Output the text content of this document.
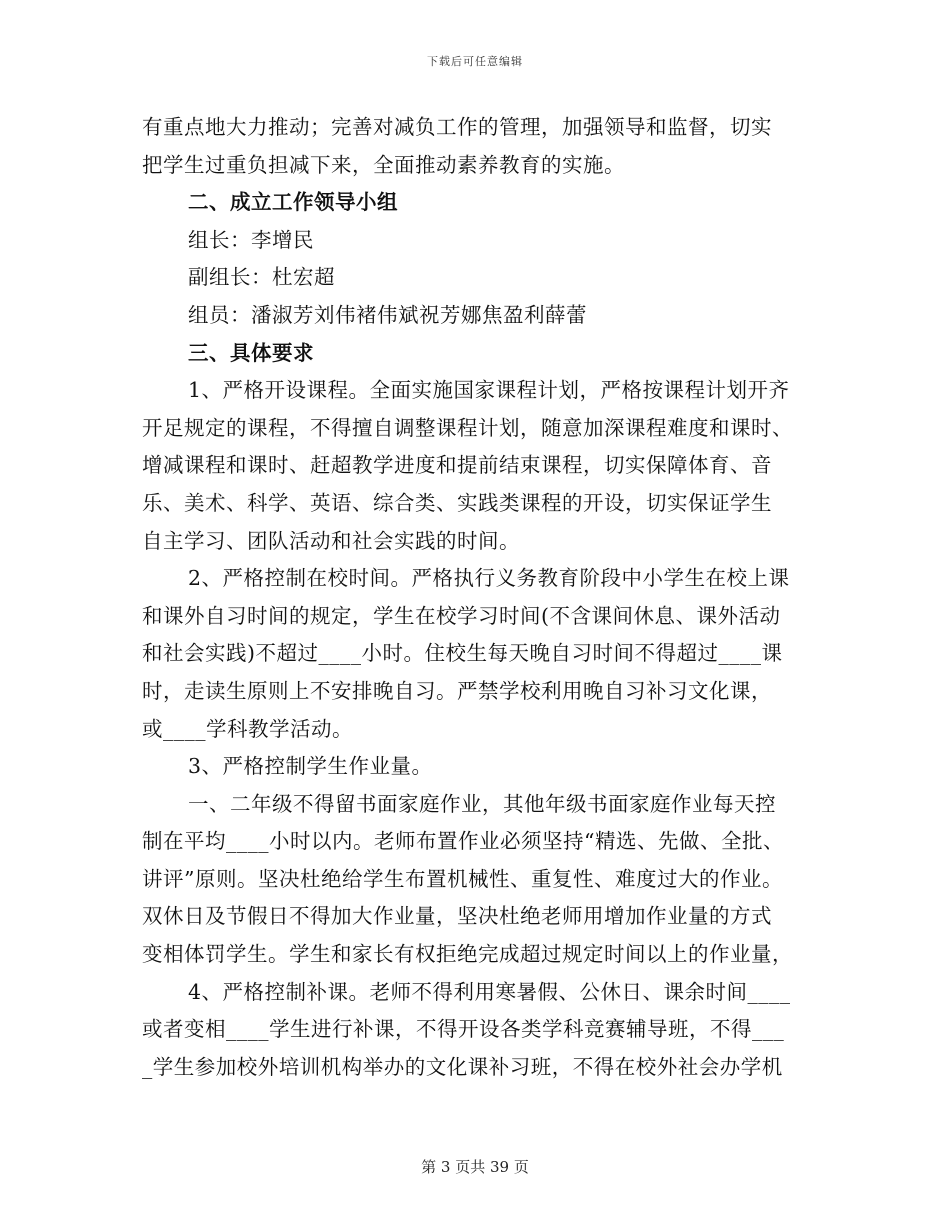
下载后可任意编辑
有重点地大力推动；完善对减负工作的管理，加强领导和监督，切实
把学生过重负担减下来，全面推动素养教育的实施。
二、成立工作领导小组
组长：李增民
副组长：杜宏超
组员：潘淑芳刘伟褚伟斌祝芳娜焦盈利薛蕾
三、具体要求
1、严格开设课程。全面实施国家课程计划，严格按课程计划开齐
开足规定的课程，不得擅自调整课程计划，随意加深课程难度和课时、
增减课程和课时、赶超教学进度和提前结束课程，切实保障体育、音
乐、美术、科学、英语、综合类、实践类课程的开设，切实保证学生
自主学习、团队活动和社会实践的时间。
2、严格控制在校时间。严格执行义务教育阶段中小学生在校上课
和课外自习时间的规定，学生在校学习时间(不含课间休息、课外活动
和社会实践)不超过____小时。住校生每天晚自习时间不得超过____课
时，走读生原则上不安排晚自习。严禁学校利用晚自习补习文化课，
或____学科教学活动。
3、严格控制学生作业量。
一、二年级不得留书面家庭作业，其他年级书面家庭作业每天控
制在平均____小时以内。老师布置作业必须坚持“精选、先做、全批、
讲评”原则。坚决杜绝给学生布置机械性、重复性、难度过大的作业。
双休日及节假日不得加大作业量，坚决杜绝老师用增加作业量的方式
变相体罚学生。学生和家长有权拒绝完成超过规定时间以上的作业量，
4、严格控制补课。老师不得利用寒暑假、公休日、课余时间____
或者变相____学生进行补课，不得开设各类学科竞赛辅导班，不得___
_学生参加校外培训机构举办的文化课补习班，不得在校外社会办学机
第 3 页共 39 页
